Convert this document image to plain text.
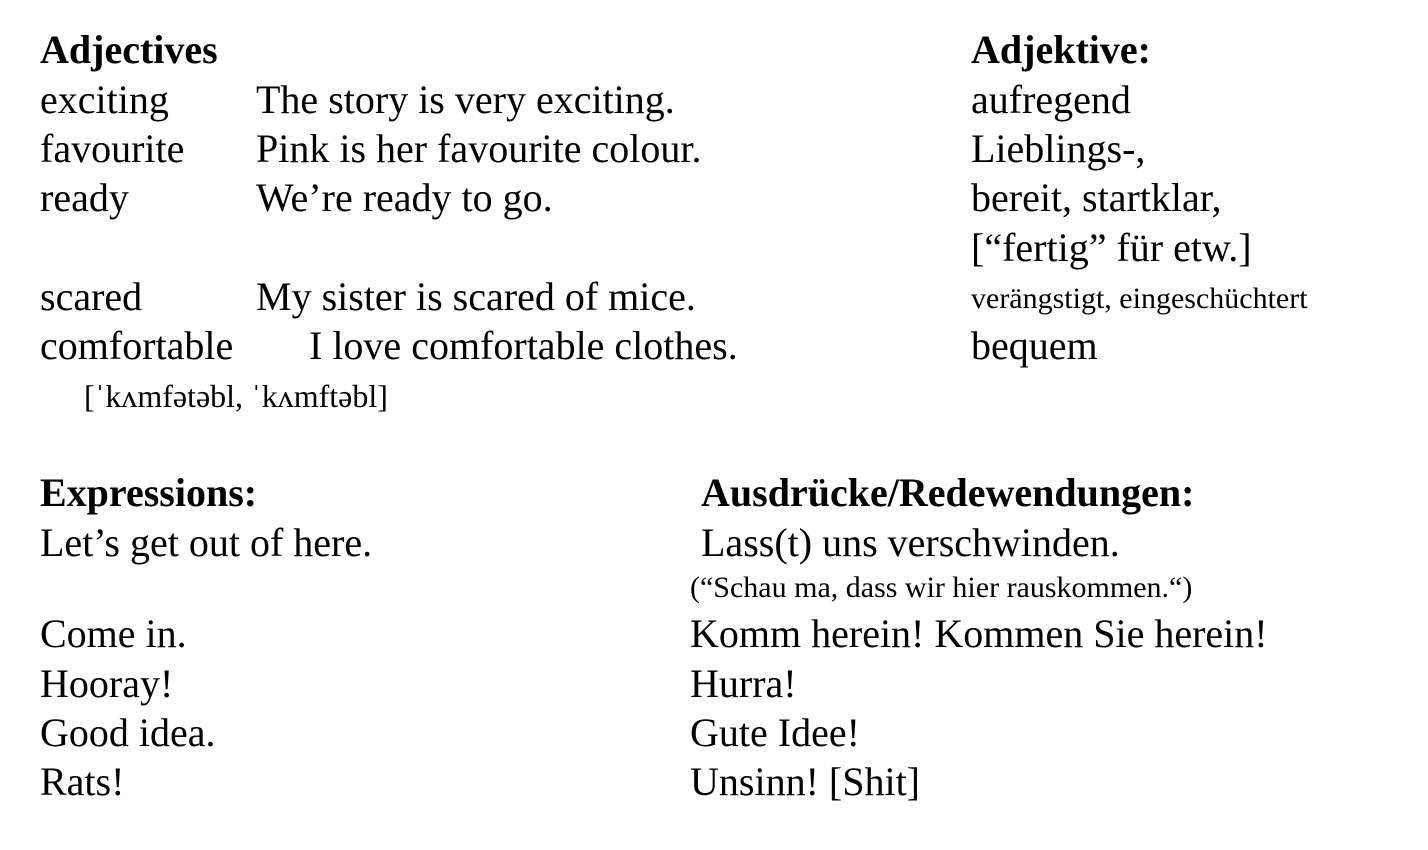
Adjectives	Adjektive:
exciting The story is very exciting.	aufregend
favourite Pink is her favourite colour.	Lieblings-,
ready	We’re ready to go.	bereit, startklar,
[“fertig” für etw.]
scared	My sister is scared of mice.	verängstigt, eingeschüchtert
comfortable I love comfortable clothes.	bequem
[ˈkʌmfətəbl, ˈkʌmftəbl]
Expressions:	Ausdrücke/Redewendungen:
Let’s get out of here.	Lass(t) uns verschwinden.
(“Schau ma, dass wir hier rauskommen.“)
Come in.	Komm herein! Kommen Sie herein!
Hooray!	Hurra!
Good idea.	Gute Idee!
Rats!	Unsinn! [Shit]
